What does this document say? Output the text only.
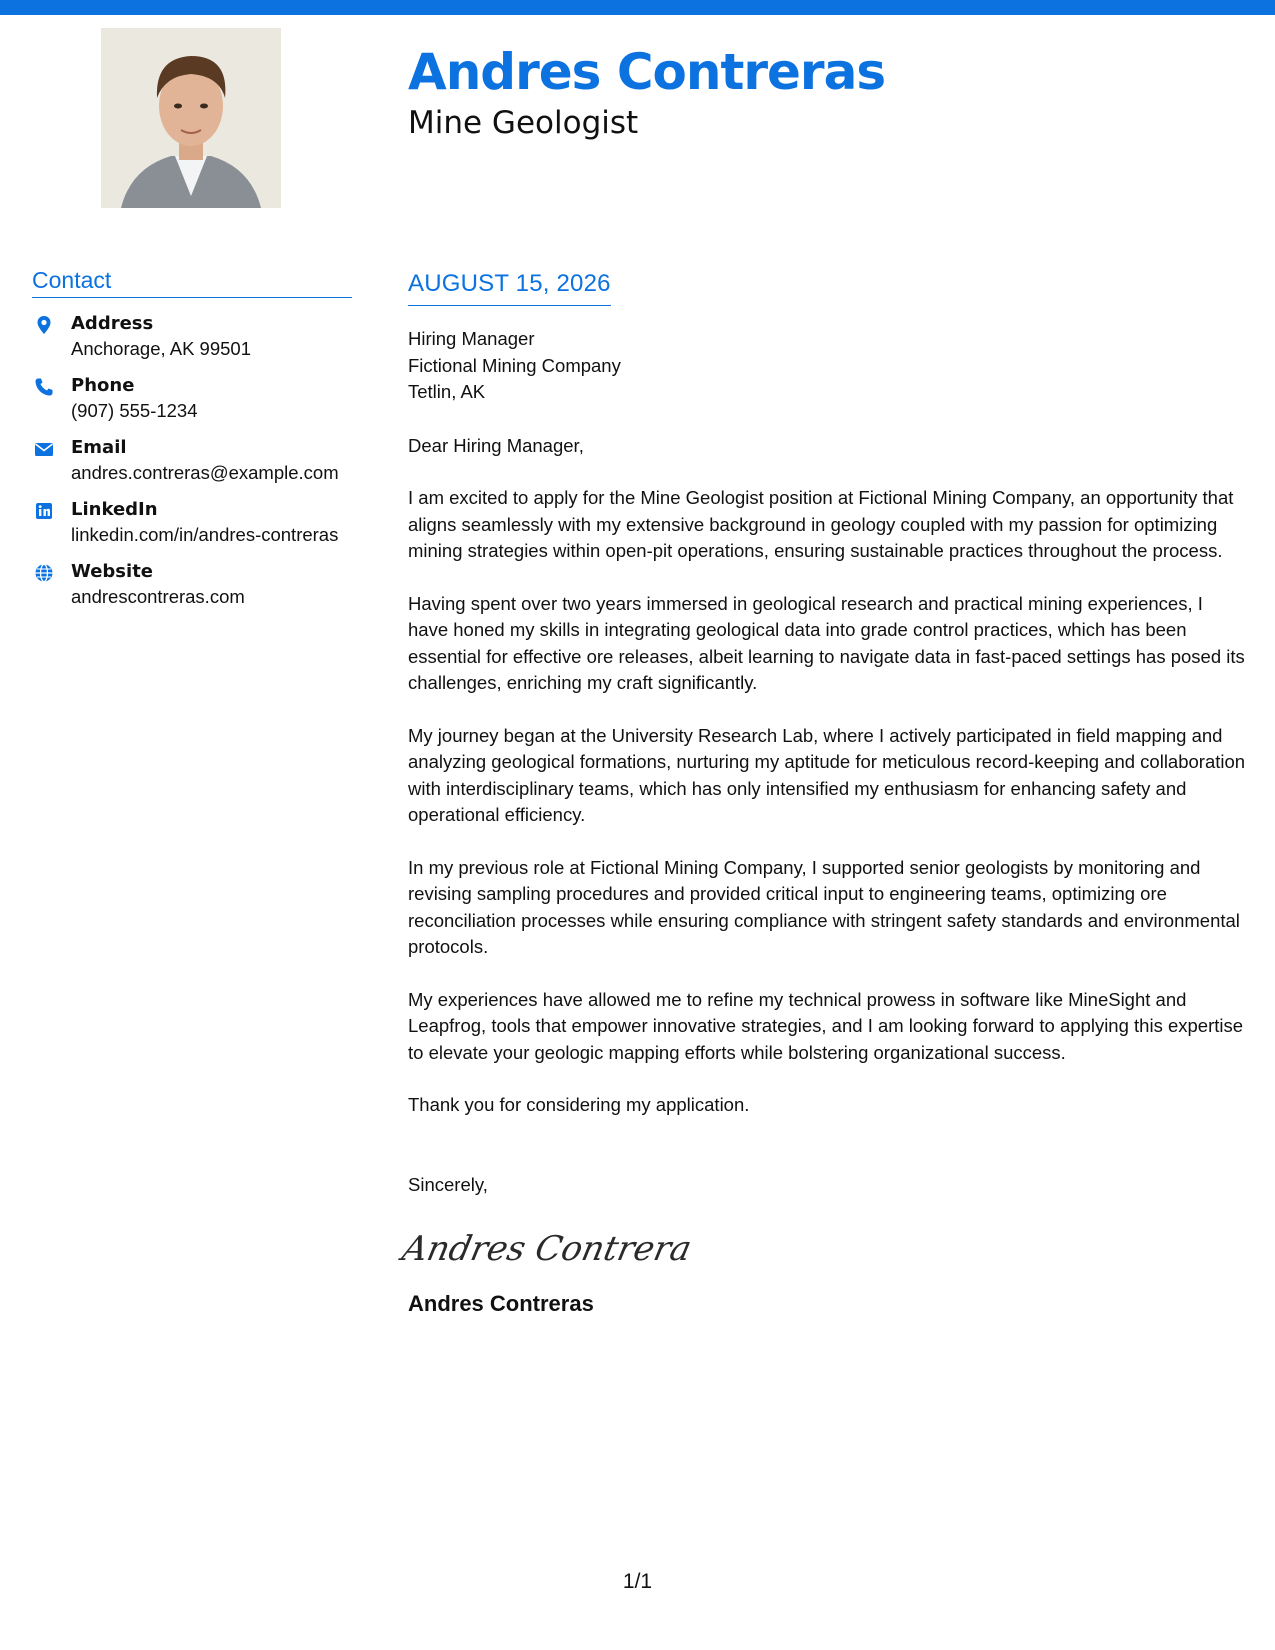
Andres Contreras
Mine Geologist
Contact
Address
Anchorage, AK 99501
Phone
(907) 555-1234
Email
andres.contreras@example.com
LinkedIn
linkedin.com/in/andres-contreras
Website
andrescontreras.com
AUGUST 15, 2026
Hiring Manager
Fictional Mining Company
Tetlin, AK
Dear Hiring Manager,
I am excited to apply for the Mine Geologist position at Fictional Mining Company, an opportunity that aligns seamlessly with my extensive background in geology coupled with my passion for optimizing mining strategies within open-pit operations, ensuring sustainable practices throughout the process.
Having spent over two years immersed in geological research and practical mining experiences, I have honed my skills in integrating geological data into grade control practices, which has been essential for effective ore releases, albeit learning to navigate data in fast-paced settings has posed its challenges, enriching my craft significantly.
My journey began at the University Research Lab, where I actively participated in field mapping and analyzing geological formations, nurturing my aptitude for meticulous record-keeping and collaboration with interdisciplinary teams, which has only intensified my enthusiasm for enhancing safety and operational efficiency.
In my previous role at Fictional Mining Company, I supported senior geologists by monitoring and revising sampling procedures and provided critical input to engineering teams, optimizing ore reconciliation processes while ensuring compliance with stringent safety standards and environmental protocols.
My experiences have allowed me to refine my technical prowess in software like MineSight and Leapfrog, tools that empower innovative strategies, and I am looking forward to applying this expertise to elevate your geologic mapping efforts while bolstering organizational success.
Thank you for considering my application.
Sincerely,
Andres Contrera
Andres Contreras
1/1
